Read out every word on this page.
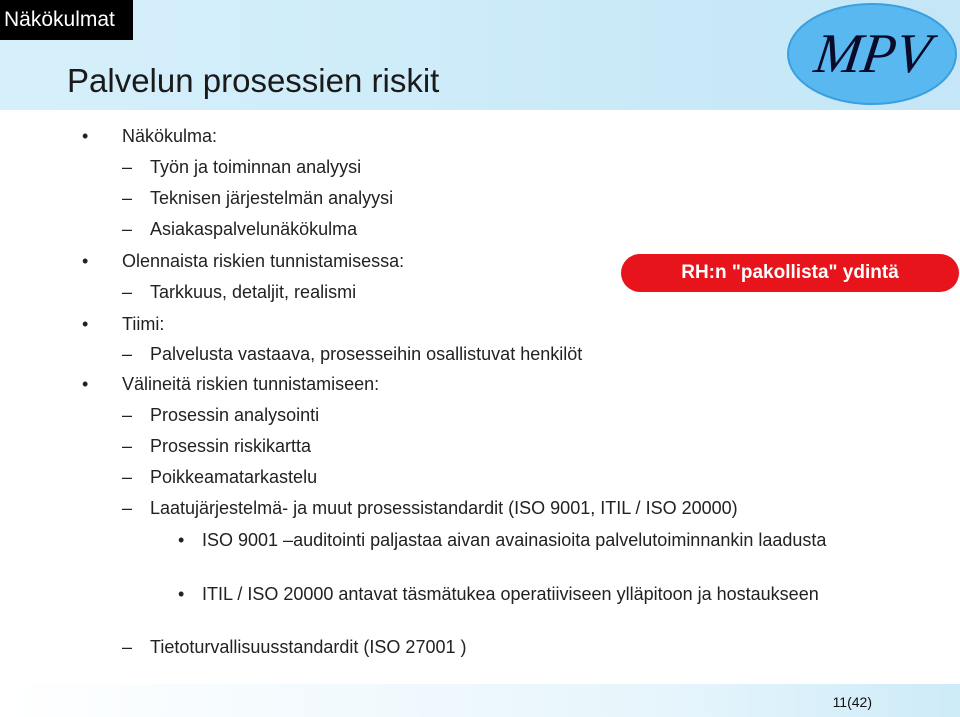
Näkökulmat
MPV
Palvelun prosessien riskit
• Näkökulma:
– Työn ja toiminnan analyysi
– Teknisen järjestelmän analyysi
– Asiakaspalvelunäkökulma
• Olennaista riskien tunnistamisessa:
– Tarkkuus, detaljit, realismi
• Tiimi:
– Palvelusta vastaava, prosesseihin osallistuvat henkilöt
• Välineitä riskien tunnistamiseen:
– Prosessin analysointi
– Prosessin riskikartta
– Poikkeamatarkastelu
– Laatujärjestelmä- ja muut prosessistandardit (ISO 9001, ITIL / ISO 20000)
• ISO 9001 –auditointi paljastaa aivan avainasioita palvelutoiminnankin laadusta
• ITIL / ISO 20000 antavat täsmätukea operatiiviseen ylläpitoon ja hostaukseen
– Tietoturvallisuusstandardit (ISO 27001 )
RH:n "pakollista" ydintä
11(42)
